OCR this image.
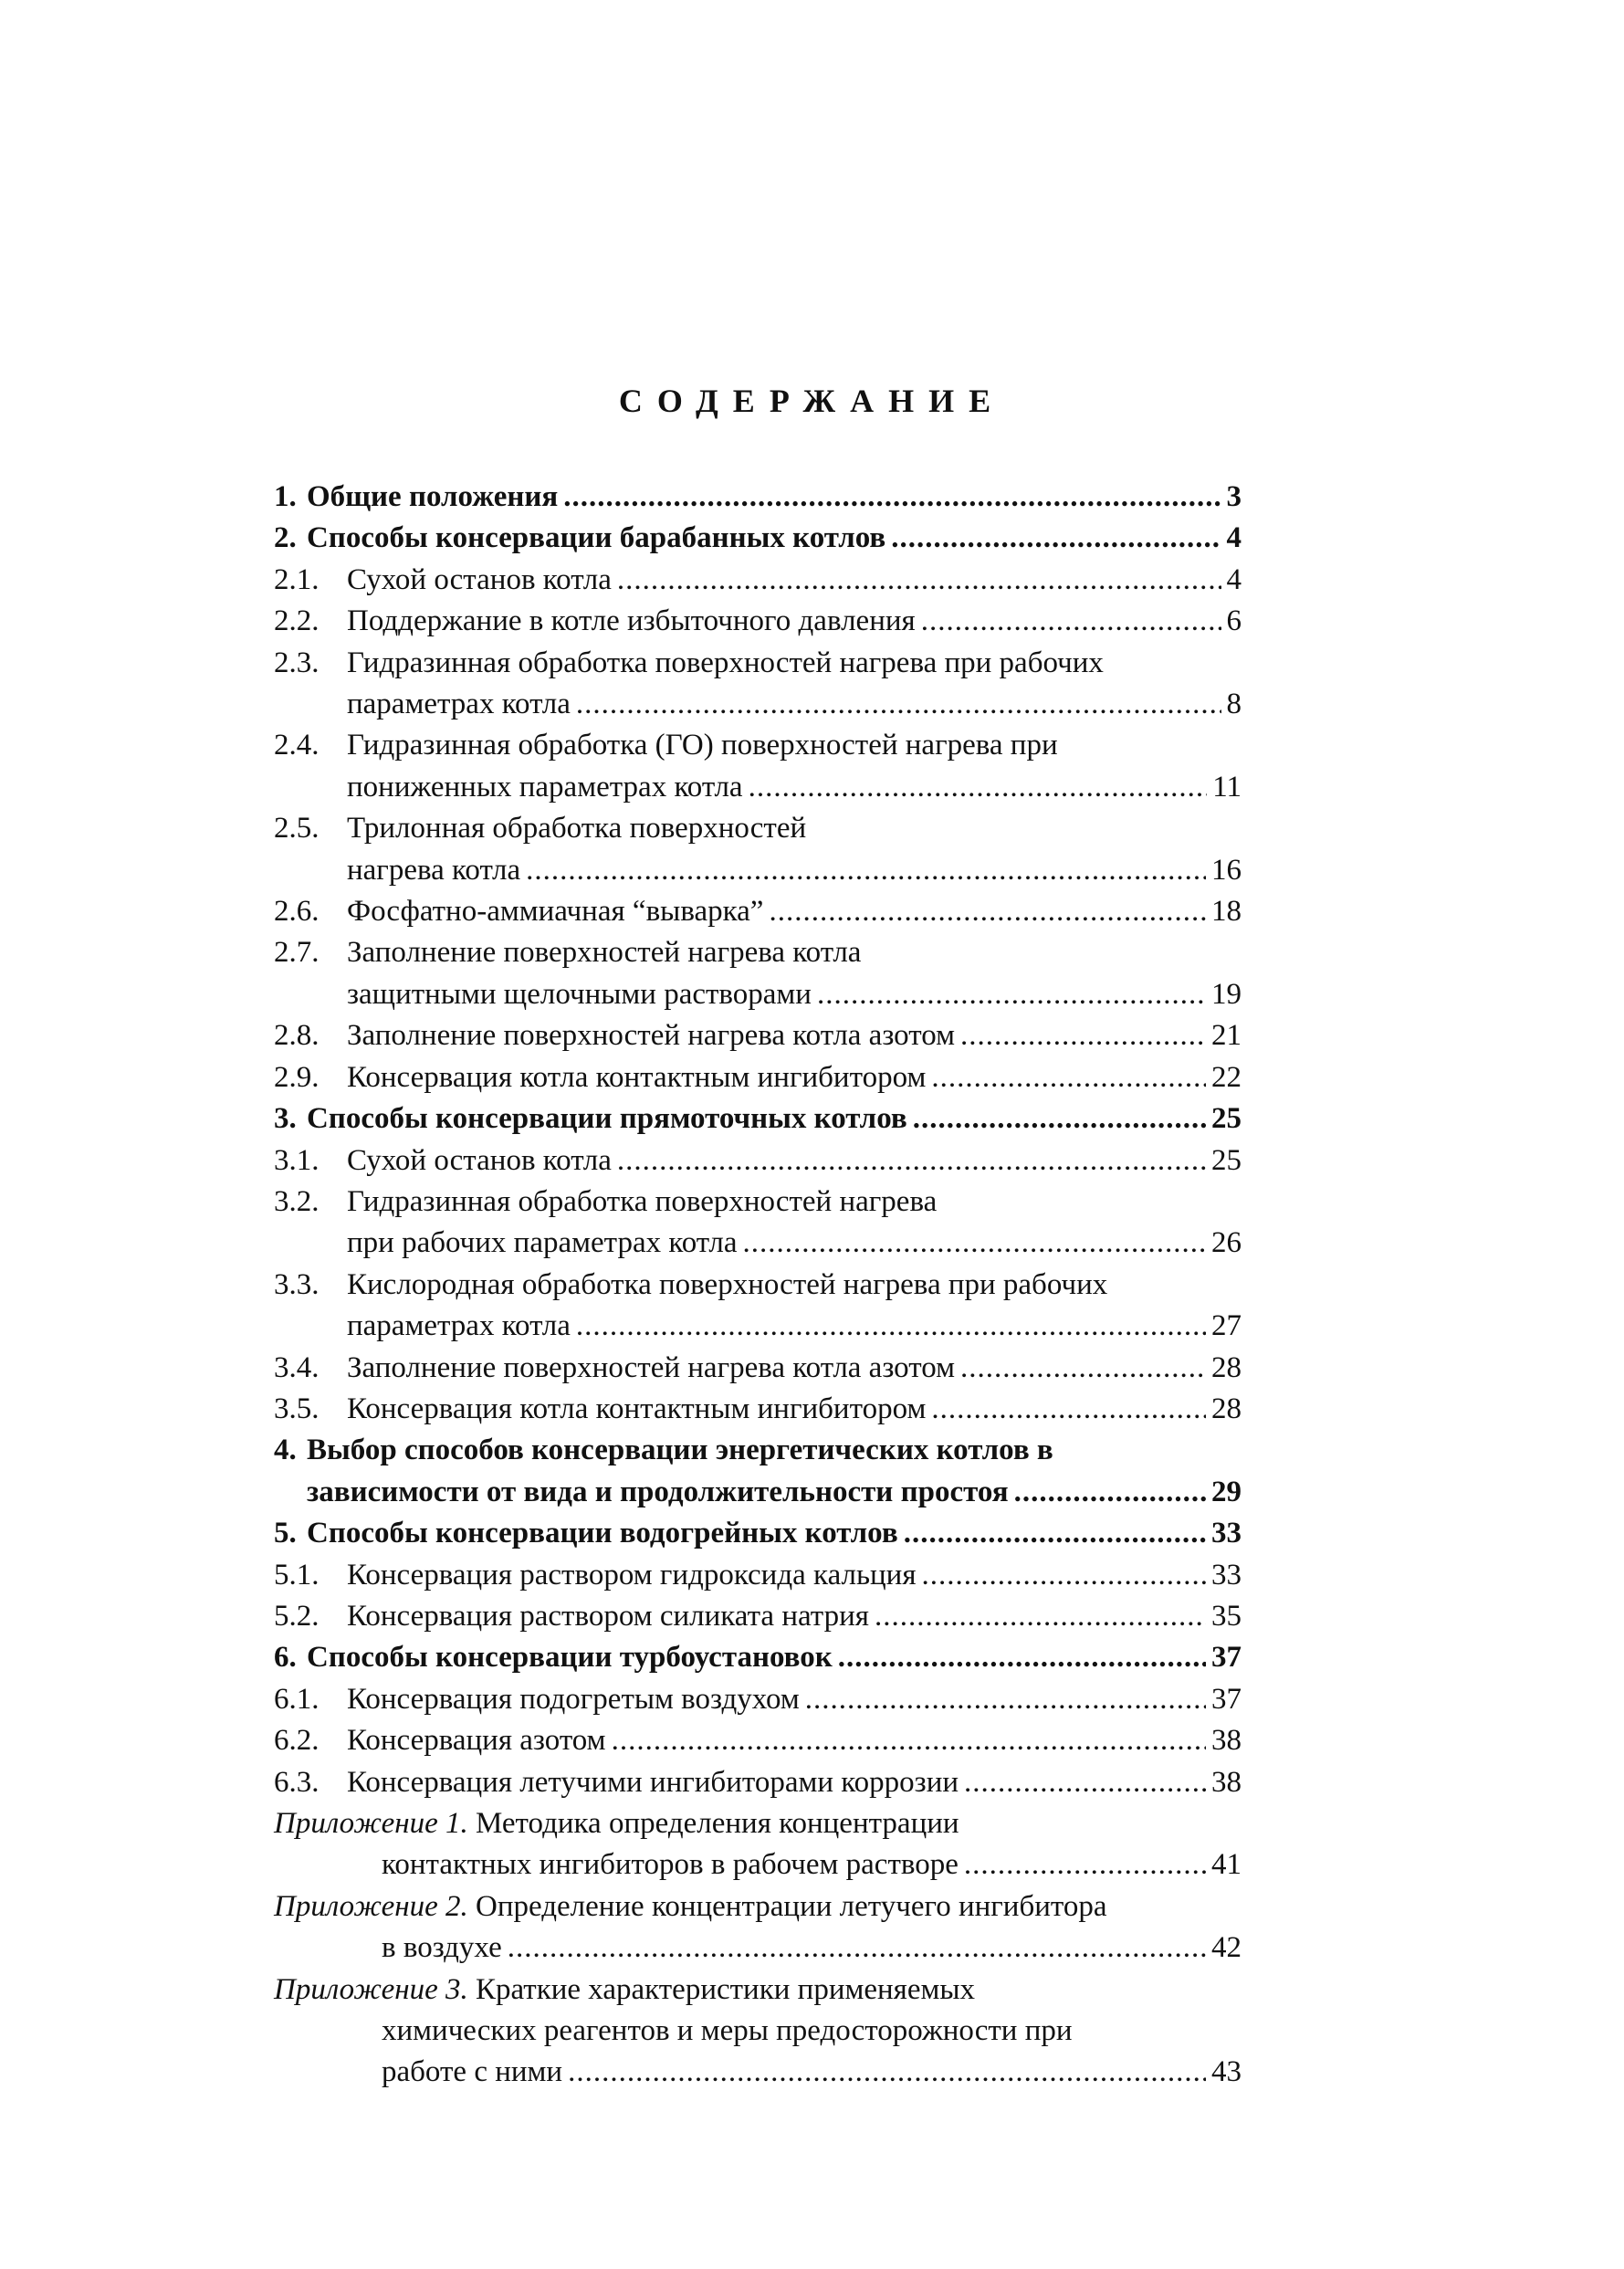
СОДЕРЖАНИЕ
1. Общие положения .....	3
2. Способы консервации барабанных котлов .....	4
2.1. Сухой останов котла .....	4
2.2. Поддержание в котле избыточного давления .....	6
2.3. Гидразинная обработка поверхностей нагрева при рабочих
параметрах котла .....	8
2.4. Гидразинная обработка (ГО) поверхностей нагрева при
пониженных параметрах котла .....	11
2.5. Трилонная обработка поверхностей
нагрева котла .....	16
2.6. Фосфатно-аммиачная “выварка” .....	18
2.7. Заполнение поверхностей нагрева котла
защитными щелочными растворами .....	19
2.8. Заполнение поверхностей нагрева котла азотом .....	21
2.9. Консервация котла контактным ингибитором .....	22
3. Способы консервации прямоточных котлов .....	25
3.1. Сухой останов котла .....	25
3.2. Гидразинная обработка поверхностей нагрева
при рабочих параметрах котла .....	26
3.3. Кислородная обработка поверхностей нагрева при рабочих
параметрах котла .....	27
3.4. Заполнение поверхностей нагрева котла азотом .....	28
3.5. Консервация котла контактным ингибитором .....	28
4. Выбор способов консервации энергетических котлов в
зависимости от вида и продолжительности простоя .....	29
5. Способы консервации водогрейных котлов .....	33
5.1. Консервация раствором гидроксида кальция .....	33
5.2. Консервация раствором силиката натрия .....	35
6. Способы консервации турбоустановок .....	37
6.1. Консервация подогретым воздухом .....	37
6.2. Консервация азотом .....	38
6.3. Консервация летучими ингибиторами коррозии .....	38
Приложение 1.
Методика определения концентрации
контактных ингибиторов в рабочем растворе .....	41
Приложение 2.
Определение концентрации летучего ингибитора
в воздухе .....	42
Приложение 3.
Краткие характеристики применяемых
химических реагентов и меры предосторожности при
работе с ними .....	43
